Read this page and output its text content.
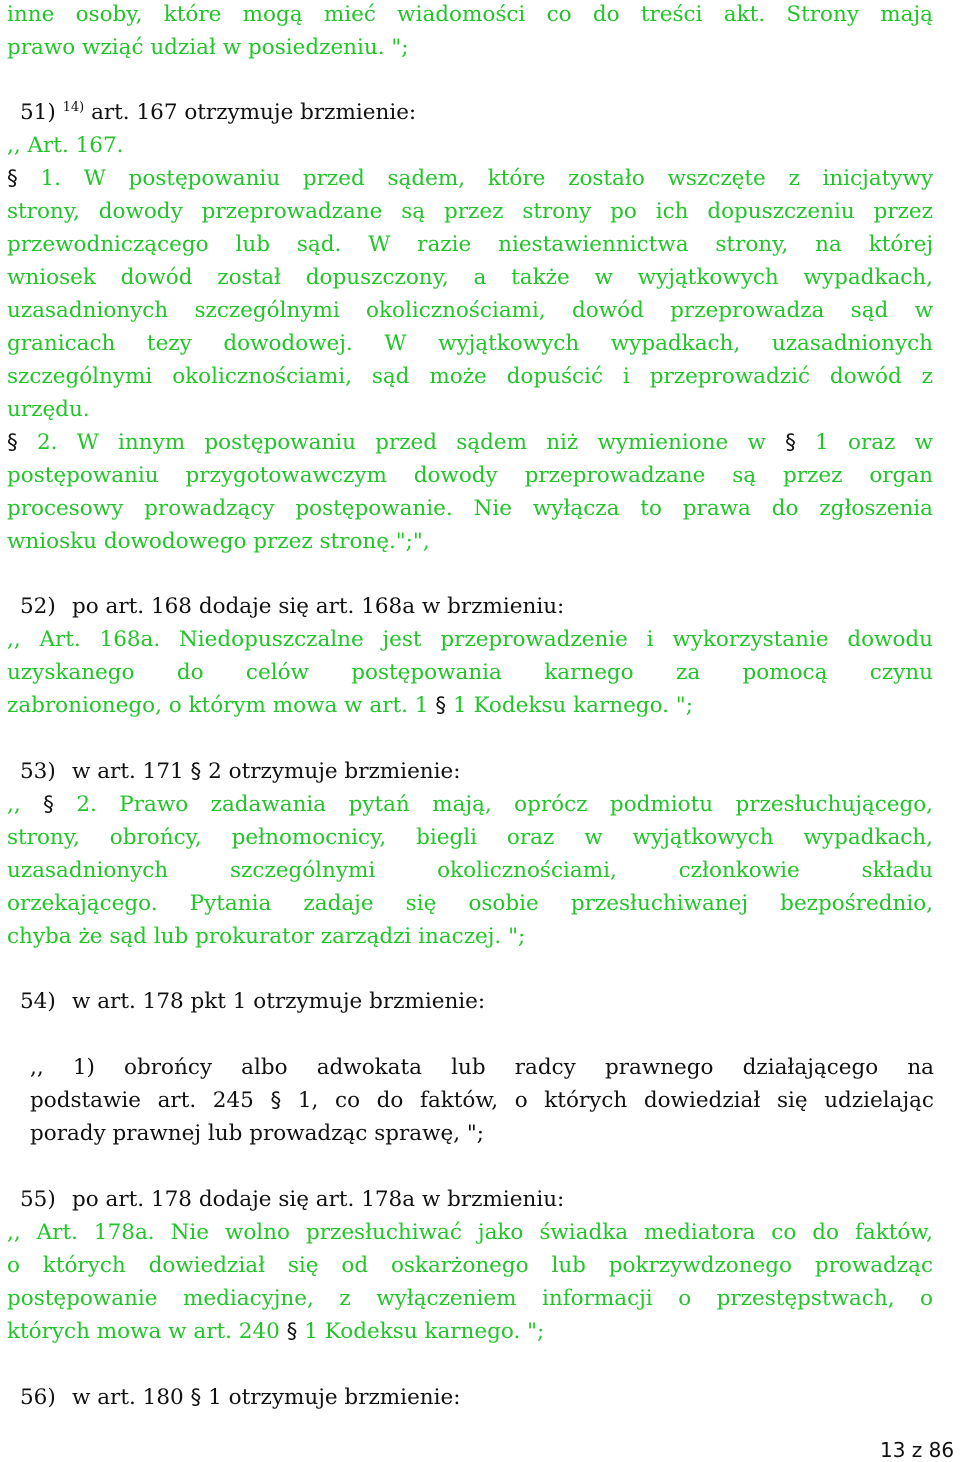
inne osoby, które mogą mieć wiadomości co do treści akt. Strony mają
prawo wziąć udział w posiedzeniu. ";
51) $^{14)}$ art. 167 otrzymuje brzmienie:
,, Art. 167.
§ 1. W postępowaniu przed sądem, które zostało wszczęte z inicjatywy
strony, dowody przeprowadzane są przez strony po ich dopuszczeniu przez
przewodniczącego lub sąd. W razie niestawiennictwa strony, na której
wniosek dowód został dopuszczony, a także w wyjątkowych wypadkach,
uzasadnionych szczególnymi okolicznościami, dowód przeprowadza sąd w
granicach tezy dowodowej. W wyjątkowych wypadkach, uzasadnionych
szczególnymi okolicznościami, sąd może dopuścić i przeprowadzić dowód z
urzędu.
§ 2. W innym postępowaniu przed sądem niż wymienione w § 1 oraz w
postępowaniu przygotowawczym dowody przeprowadzane są przez organ
procesowy prowadzący postępowanie. Nie wyłącza to prawa do zgłoszenia
wniosku dowodowego przez stronę.";",
52) po art. 168 dodaje się art. 168a w brzmieniu:
,, Art. 168a. Niedopuszczalne jest przeprowadzenie i wykorzystanie dowodu
uzyskanego do celów postępowania karnego za pomocą czynu
zabronionego, o którym mowa w art. 1 § 1 Kodeksu karnego. ";
53) w art. 171 § 2 otrzymuje brzmienie:
,, § 2. Prawo zadawania pytań mają, oprócz podmiotu przesłuchującego,
strony, obrońcy, pełnomocnicy, biegli oraz w wyjątkowych wypadkach,
uzasadnionych szczególnymi okolicznościami, członkowie składu
orzekającego. Pytania zadaje się osobie przesłuchiwanej bezpośrednio,
chyba że sąd lub prokurator zarządzi inaczej. ";
54) w art. 178 pkt 1 otrzymuje brzmienie:
,, 1) obrońcy albo adwokata lub radcy prawnego działającego na
podstawie art. 245 § 1, co do faktów, o których dowiedział się udzielając
porady prawnej lub prowadząc sprawę, ";
55) po art. 178 dodaje się art. 178a w brzmieniu:
,, Art. 178a. Nie wolno przesłuchiwać jako świadka mediatora co do faktów,
o których dowiedział się od oskarżonego lub pokrzywdzonego prowadząc
postępowanie mediacyjne, z wyłączeniem informacji o przestępstwach, o
których mowa w art. 240 § 1 Kodeksu karnego. ";
56) w art. 180 § 1 otrzymuje brzmienie:
13 z 86
